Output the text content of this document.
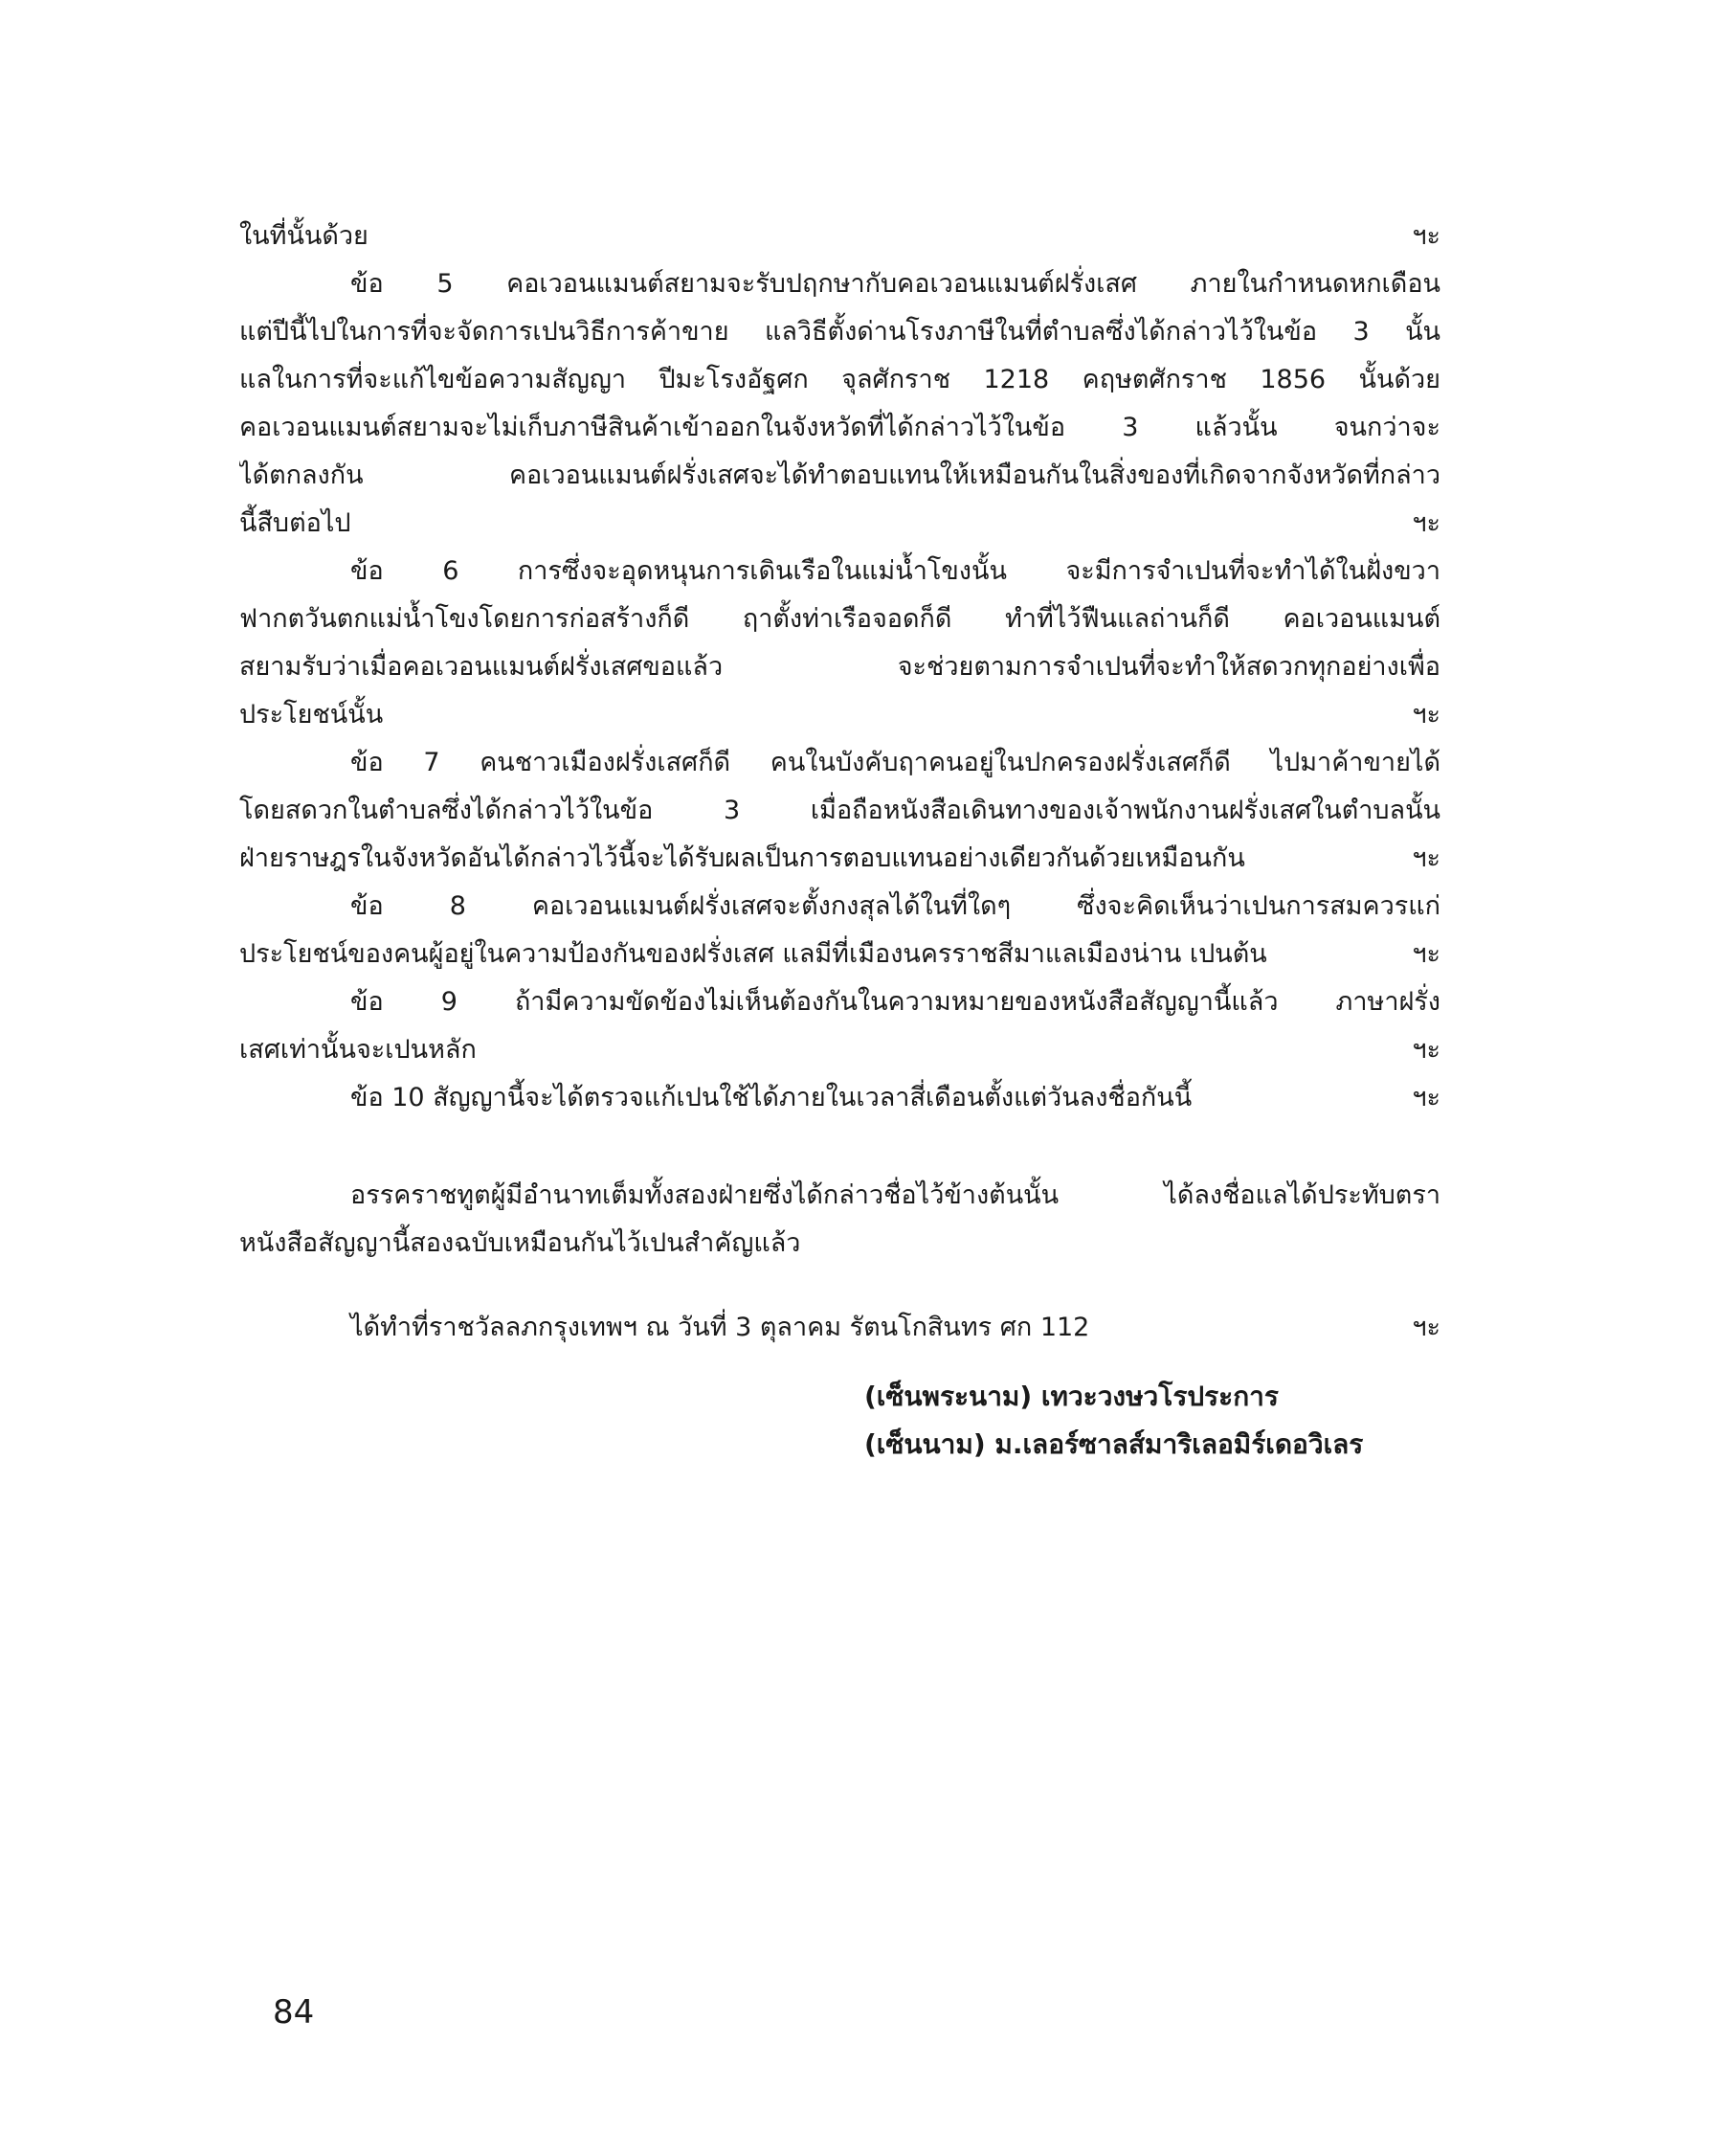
ในที่นั้นด้วย	ฯะ
ข้อ 5 คอเวอนแมนต์สยามจะรับปฤกษากับคอเวอนแมนต์ฝรั่งเสศ ภายในกำหนดหกเดือน
แต่ปีนี้ไปในการที่จะจัดการเปนวิธีการค้าขาย แลวิธีตั้งด่านโรงภาษีในที่ตำบลซึ่งได้กล่าวไว้ในข้อ 3 นั้น
แลในการที่จะแก้ไขข้อความสัญญา ปีมะโรงอัฐศก จุลศักราช 1218 คฤษตศักราช 1856 นั้นด้วย
คอเวอนแมนต์สยามจะไม่เก็บภาษีสินค้าเข้าออกในจังหวัดที่ได้กล่าวไว้ในข้อ 3 แล้วนั้น จนกว่าจะ
ได้ตกลงกัน คอเวอนแมนต์ฝรั่งเสศจะได้ทำตอบแทนให้เหมือนกันในสิ่งของที่เกิดจากจังหวัดที่กล่าว
นี้สืบต่อไป	ฯะ
ข้อ 6 การซึ่งจะอุดหนุนการเดินเรือในแม่น้ำโขงนั้น จะมีการจำเปนที่จะทำได้ในฝั่งขวา
ฟากตวันตกแม่น้ำโขงโดยการก่อสร้างก็ดี ฤาตั้งท่าเรือจอดก็ดี ทำที่ไว้ฟืนแลถ่านก็ดี คอเวอนแมนต์
สยามรับว่าเมื่อคอเวอนแมนต์ฝรั่งเสศขอแล้ว จะช่วยตามการจำเปนที่จะทำให้สดวกทุกอย่างเพื่อ
ประโยชน์นั้น	ฯะ
ข้อ 7 คนชาวเมืองฝรั่งเสศก็ดี คนในบังคับฤาคนอยู่ในปกครองฝรั่งเสศก็ดี ไปมาค้าขายได้
โดยสดวกในตำบลซึ่งได้กล่าวไว้ในข้อ 3 เมื่อถือหนังสือเดินทางของเจ้าพนักงานฝรั่งเสศในตำบลนั้น
ฝ่ายราษฎรในจังหวัดอันได้กล่าวไว้นี้จะได้รับผลเป็นการตอบแทนอย่างเดียวกันด้วยเหมือนกัน	ฯะ
ข้อ 8 คอเวอนแมนต์ฝรั่งเสศจะตั้งกงสุลได้ในที่ใดๆ ซึ่งจะคิดเห็นว่าเปนการสมควรแก่
ประโยชน์ของคนผู้อยู่ในความป้องกันของฝรั่งเสศ แลมีที่เมืองนครราชสีมาแลเมืองน่าน เปนต้น	ฯะ
ข้อ 9 ถ้ามีความขัดข้องไม่เห็นต้องกันในความหมายของหนังสือสัญญานี้แล้ว ภาษาฝรั่ง
เสศเท่านั้นจะเปนหลัก	ฯะ
ข้อ 10 สัญญานี้จะได้ตรวจแก้เปนใช้ได้ภายในเวลาสี่เดือนตั้งแต่วันลงชื่อกันนี้	ฯะ
อรรคราชทูตผู้มีอำนาทเต็มทั้งสองฝ่ายซึ่งได้กล่าวชื่อไว้ข้างต้นนั้น ได้ลงชื่อแลได้ประทับตรา
หนังสือสัญญานี้สองฉบับเหมือนกันไว้เปนสำคัญแล้ว
ได้ทำที่ราชวัลลภกรุงเทพฯ ณ วันที่ 3 ตุลาคม รัตนโกสินทร ศก 112	ฯะ
(เซ็นพระนาม) เทวะวงษวโรประการ
(เซ็นนาม) ม.เลอร์ซาลส์มาริเลอมิร์เดอวิเลร
84
